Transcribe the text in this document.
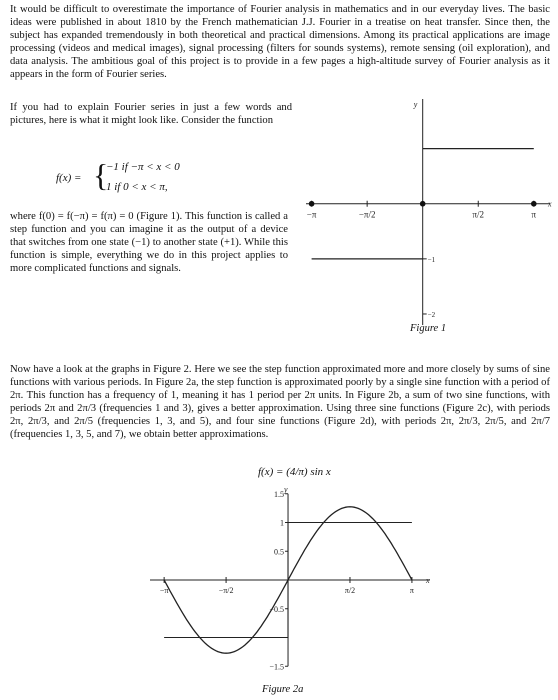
It would be difficult to overestimate the importance of Fourier analysis in mathematics and in our everyday lives. The basic ideas were published in about 1810 by the French mathematician J.J. Fourier in a treatise on heat transfer. Since then, the subject has expanded tremendously in both theoretical and practical dimensions. Among its practical applications are image processing (videos and medical images), signal processing (filters for sounds systems), remote sensing (oil exploration), and data analysis. The ambitious goal of this project is to provide in a few pages a high-altitude survey of Fourier analysis as it appears in the form of Fourier series.

If you had to explain Fourier series in just a few words and pictures, here is what it might look like. Consider the function

f(x) = {
−1 if −π < x < 0
1 if 0 < x < π,

where f(0) = f(−π) = f(π) = 0 (Figure 1). This function is called a step function and you can imagine it as the output of a device that switches from one state (−1) to another state (+1). While this function is simple, everything we do in this project applies to more complicated functions and signals.

−π	−π/2	π/2	π
−1
−2
x
y
Figure 1

Now have a look at the graphs in Figure 2. Here we see the step function approximated more and more closely by sums of sine functions with various periods. In Figure 2a, the step function is approximated poorly by a single sine function with a period of 2π. This function has a frequency of 1, meaning it has 1 period per 2π units. In Figure 2b, a sum of two sine functions, with periods 2π and 2π/3 (frequencies 1 and 3), gives a better approximation. Using three sine functions (Figure 2c), with periods 2π, 2π/3, and 2π/5 (frequencies 1, 3, and 5), and four sine functions (Figure 2d), with periods 2π, 2π/3, 2π/5, and 2π/7 (frequencies 1, 3, 5, and 7), we obtain better approximations.

f(x) = (4/π) sin x
1.5
1
0.5
−0.5
−1.5
−π	−π/2	π/2	π
x
y
Figure 2a
